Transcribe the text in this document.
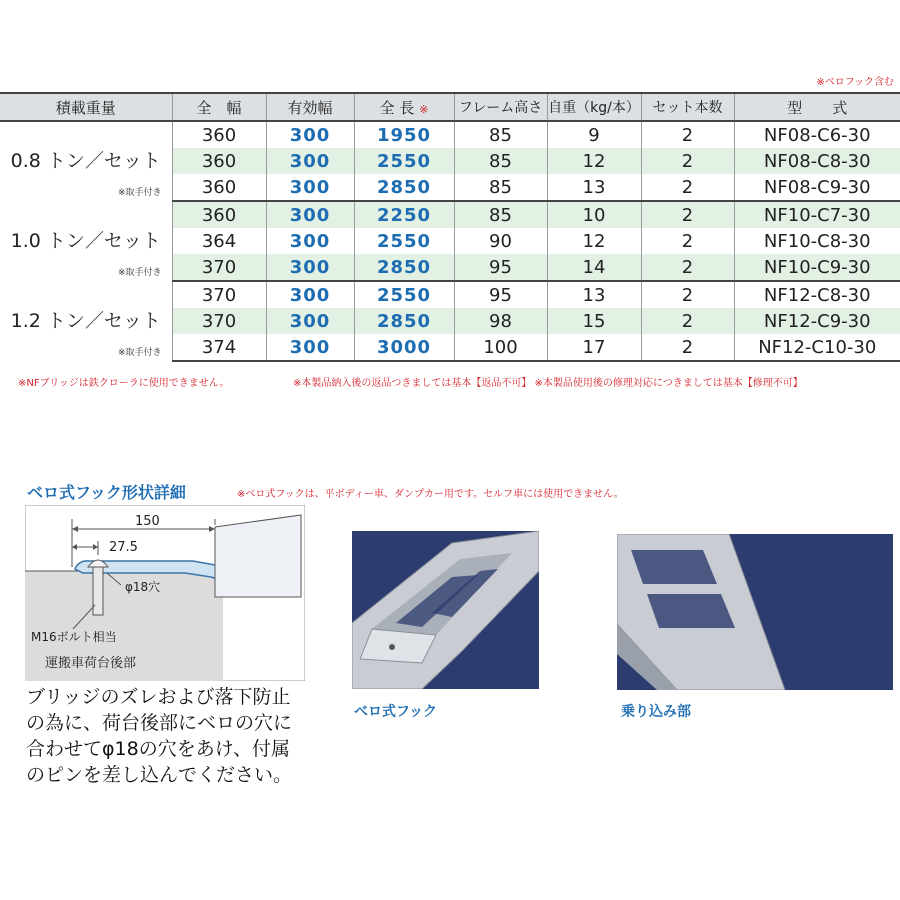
※ベロフック含む
積載重量	全　幅	有効幅	全 長 ※	フレーム高さ	自重（kg/本）	セット本数	型　　式
0.8 トン／セット
※取手付き	360	300	1950	85	9	2	NF08-C6-30
	360	300	2550	85	12	2	NF08-C8-30
	360	300	2850	85	13	2	NF08-C9-30
1.0 トン／セット
※取手付き	360	300	2250	85	10	2	NF10-C7-30
	364	300	2550	90	12	2	NF10-C8-30
	370	300	2850	95	14	2	NF10-C9-30
1.2 トン／セット
※取手付き	370	300	2550	95	13	2	NF12-C8-30
	370	300	2850	98	15	2	NF12-C9-30
	374	300	3000	100	17	2	NF12-C10-30
※NFブリッジは鉄クローラに使用できません。	※本製品納入後の返品つきましては基本【返品不可】 ※本製品使用後の修理対応につきましては基本【修理不可】
ベロ式フック形状詳細	※ベロ式フックは、平ボディー車、ダンプカー用です。セルフ車には使用できません。
150
27.5
φ18穴
M16ボルト相当
運搬車荷台後部
ブリッジのズレおよび落下防止
の為に、荷台後部にベロの穴に
合わせてφ18の穴をあけ、付属
のピンを差し込んでください。
ベロ式フック	乗り込み部
